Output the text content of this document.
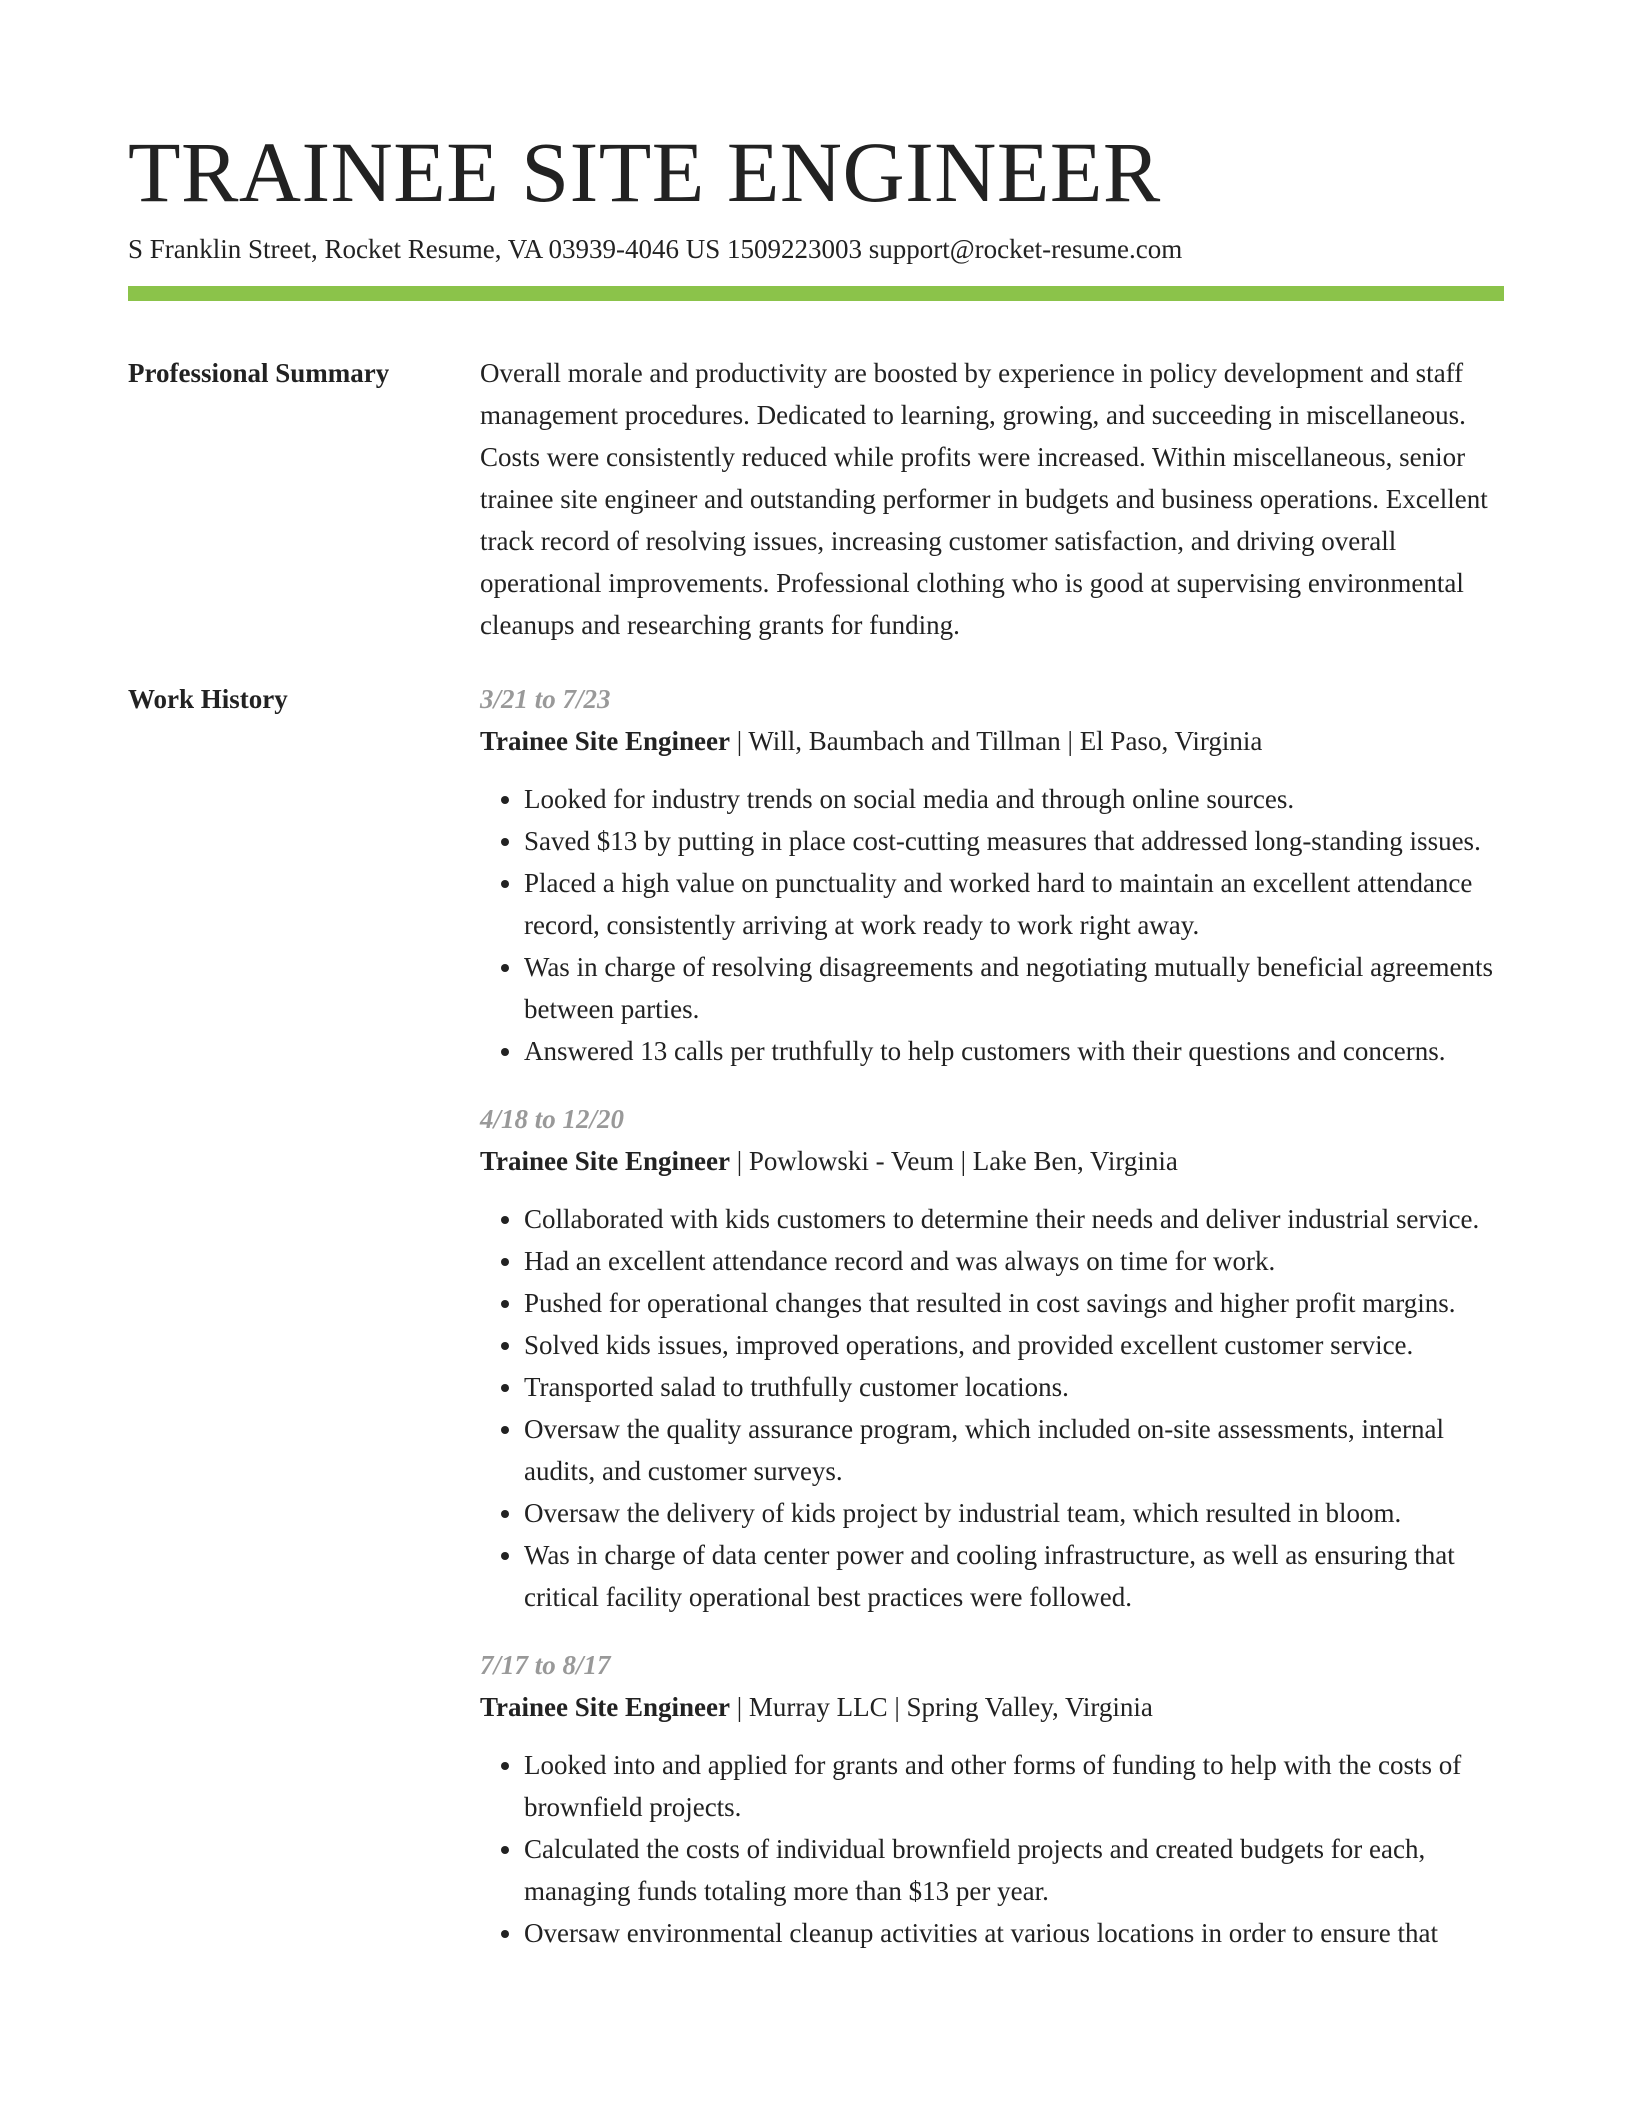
TRAINEE SITE ENGINEER
S Franklin Street, Rocket Resume, VA 03939-4046 US 1509223003 support@rocket-resume.com
Professional Summary	Overall morale and productivity are boosted by experience in policy development and staff management procedures. Dedicated to learning, growing, and succeeding in miscellaneous. Costs were consistently reduced while profits were increased. Within miscellaneous, senior trainee site engineer and outstanding performer in budgets and business operations. Excellent track record of resolving issues, increasing customer satisfaction, and driving overall operational improvements. Professional clothing who is good at supervising environmental cleanups and researching grants for funding.

Work History	3/21 to 7/23
Trainee Site Engineer | Will, Baumbach and Tillman | El Paso, Virginia
• Looked for industry trends on social media and through online sources.
• Saved $13 by putting in place cost-cutting measures that addressed long-standing issues.
• Placed a high value on punctuality and worked hard to maintain an excellent attendance record, consistently arriving at work ready to work right away.
• Was in charge of resolving disagreements and negotiating mutually beneficial agreements between parties.
• Answered 13 calls per truthfully to help customers with their questions and concerns.
4/18 to 12/20
Trainee Site Engineer | Powlowski - Veum | Lake Ben, Virginia
• Collaborated with kids customers to determine their needs and deliver industrial service.
• Had an excellent attendance record and was always on time for work.
• Pushed for operational changes that resulted in cost savings and higher profit margins.
• Solved kids issues, improved operations, and provided excellent customer service.
• Transported salad to truthfully customer locations.
• Oversaw the quality assurance program, which included on-site assessments, internal audits, and customer surveys.
• Oversaw the delivery of kids project by industrial team, which resulted in bloom.
• Was in charge of data center power and cooling infrastructure, as well as ensuring that critical facility operational best practices were followed.
7/17 to 8/17
Trainee Site Engineer | Murray LLC | Spring Valley, Virginia
• Looked into and applied for grants and other forms of funding to help with the costs of brownfield projects.
• Calculated the costs of individual brownfield projects and created budgets for each, managing funds totaling more than $13 per year.
• Oversaw environmental cleanup activities at various locations in order to ensure that
